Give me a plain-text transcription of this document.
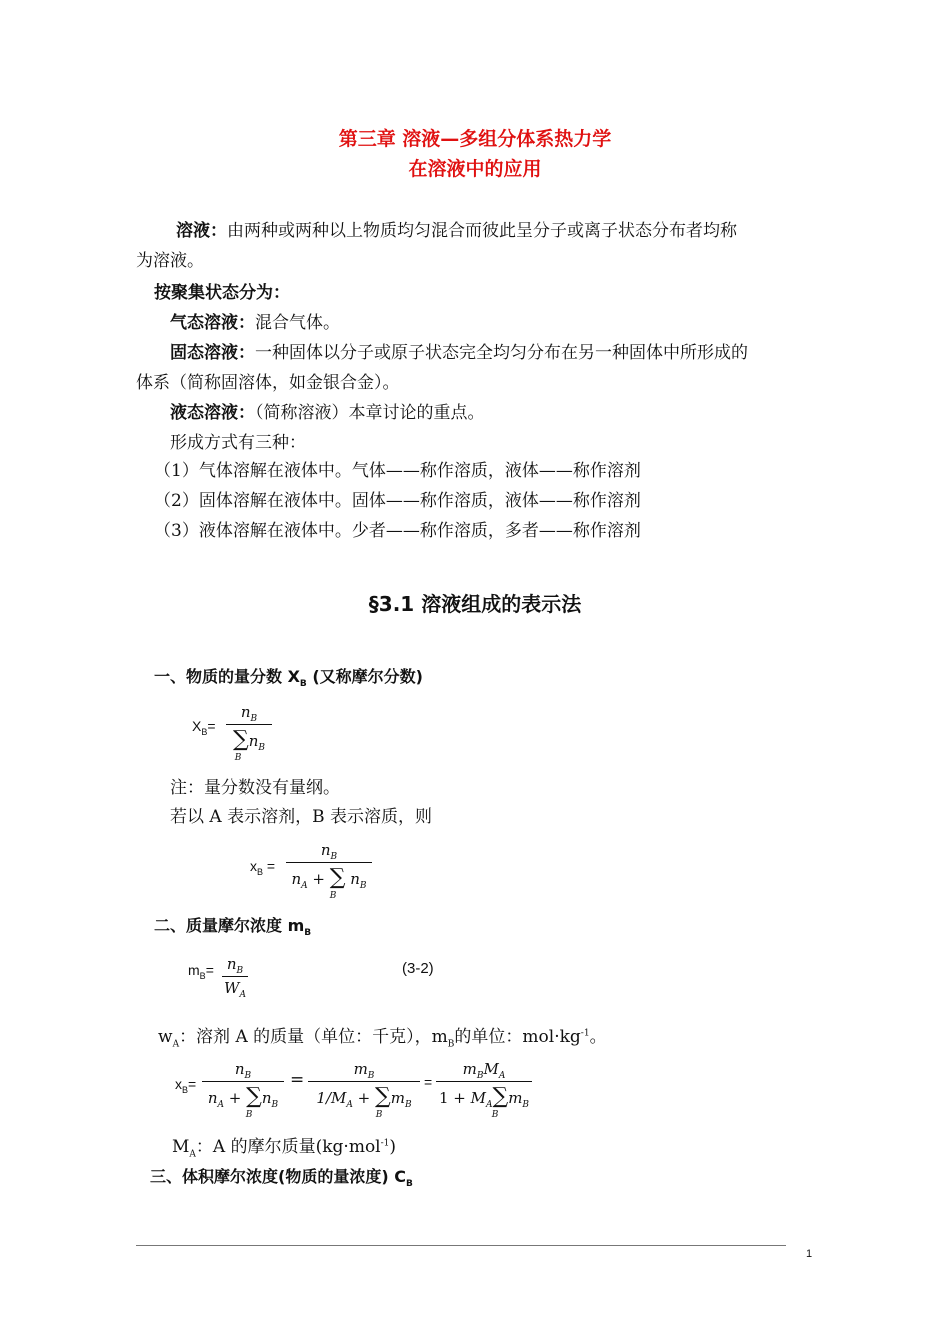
第三章 溶液—多组分体系热力学
在溶液中的应用
溶液：由两种或两种以上物质均匀混合而彼此呈分子或离子状态分布者均称
为溶液。
按聚集状态分为：
气态溶液：混合气体。
固态溶液：一种固体以分子或原子状态完全均匀分布在另一种固体中所形成的
体系（简称固溶体，如金银合金）。
液态溶液：（简称溶液）本章讨论的重点。
形成方式有三种：
（1）气体溶解在液体中。气体——称作溶质，液体——称作溶剂
（2）固体溶解在液体中。固体——称作溶质，液体——称作溶剂
（3）液体溶解在液体中。少者——称作溶质，多者——称作溶剂
§3.1 溶液组成的表示法
一、物质的量分数 $X_B$ (又称摩尔分数)
$X_B=$
$n_B$
$\sum n_B$
B
注：量分数没有量纲。
若以 A 表示溶剂，B 表示溶质，则
$x_B$ =
$n_B$
$n_A$ + ∑ $n_B$
B
二、质量摩尔浓度 $m_B$
$m_B= \frac{n_B}{W_A}$	(3-2)
$w_A$：溶剂 A 的质量（单位：千克），$m_B$的单位：$mol\cdot kg^{-1}$。
$x_B=$
$n_B$
$n_A + \sum n_B$
B
=
$m_B$
$1/M_A + \sum m_B$
B
=
$m_BM_A$
$1 + M_A\sum m_B$
B
$M_A$：A 的摩尔质量(kg·mol$^{-1}$)
三、体积摩尔浓度(物质的量浓度) $C_B$
1
